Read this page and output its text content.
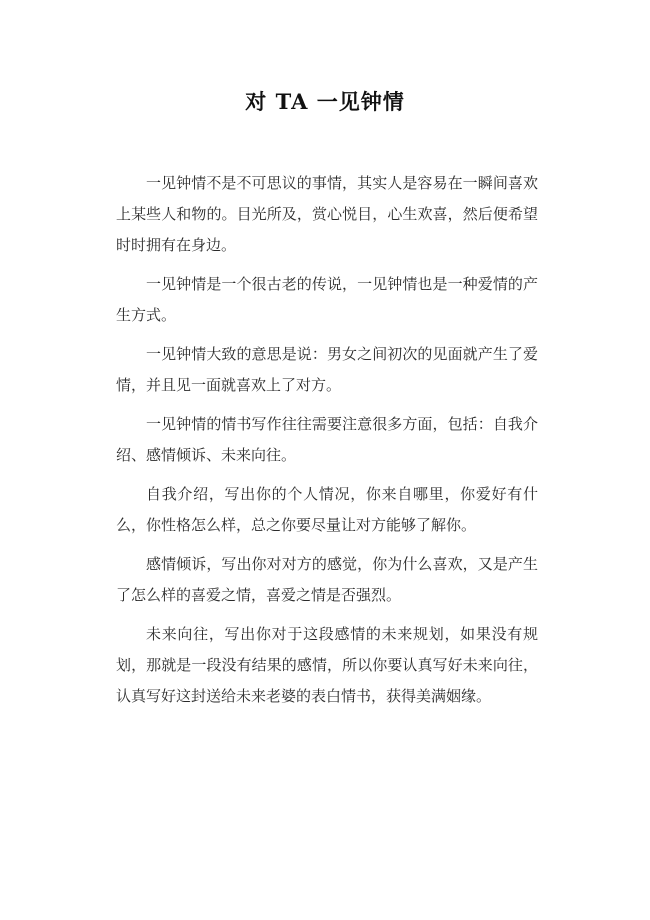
对 TA 一见钟情

一见钟情不是不可思议的事情，其实人是容易在一瞬间喜欢上某些人和物的。目光所及，赏心悦目，心生欢喜，然后便希望时时拥有在身边。

一见钟情是一个很古老的传说，一见钟情也是一种爱情的产生方式。

一见钟情大致的意思是说：男女之间初次的见面就产生了爱情，并且见一面就喜欢上了对方。

一见钟情的情书写作往往需要注意很多方面，包括：自我介绍、感情倾诉、未来向往。

自我介绍，写出你的个人情况，你来自哪里，你爱好有什么，你性格怎么样，总之你要尽量让对方能够了解你。

感情倾诉，写出你对对方的感觉，你为什么喜欢，又是产生了怎么样的喜爱之情，喜爱之情是否强烈。

未来向往，写出你对于这段感情的未来规划，如果没有规划，那就是一段没有结果的感情，所以你要认真写好未来向往，认真写好这封送给未来老婆的表白情书，获得美满姻缘。
